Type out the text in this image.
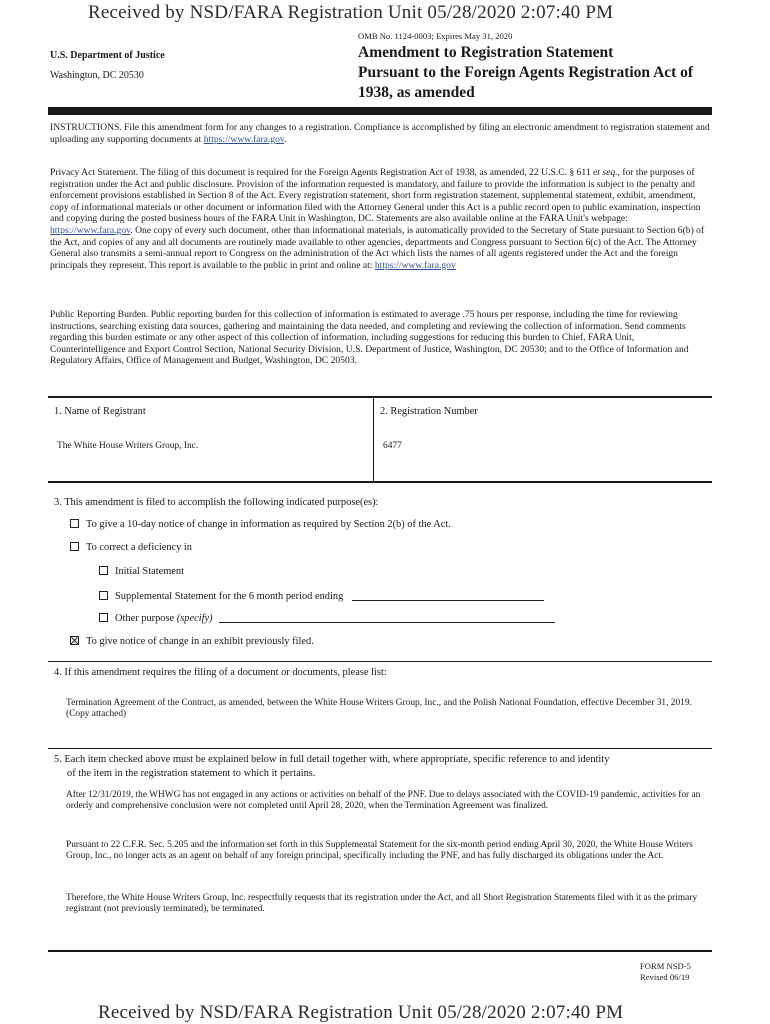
Received by NSD/FARA Registration Unit 05/28/2020 2:07:40 PM
OMB No. 1124-0003; Expires May 31, 2020
U.S. Department of Justice
Washington, DC 20530
Amendment to Registration Statement
Pursuant to the Foreign Agents Registration Act of
1938, as amended
INSTRUCTIONS. File this amendment form for any changes to a registration. Compliance is accomplished by filing an electronic amendment to registration statement and uploading any supporting documents at https://www.fara.gov.
Privacy Act Statement. The filing of this document is required for the Foreign Agents Registration Act of 1938, as amended, 22 U.S.C. § 611 et seq., for the purposes of registration under the Act and public disclosure. Provision of the information requested is mandatory, and failure to provide the information is subject to the penalty and enforcement provisions established in Section 8 of the Act. Every registration statement, short form registration statement, supplemental statement, exhibit, amendment, copy of informational materials or other document or information filed with the Attorney General under this Act is a public record open to public examination, inspection and copying during the posted business hours of the FARA Unit in Washington, DC. Statements are also available online at the FARA Unit's webpage: https://www.fara.gov. One copy of every such document, other than informational materials, is automatically provided to the Secretary of State pursuant to Section 6(b) of the Act, and copies of any and all documents are routinely made available to other agencies, departments and Congress pursuant to Section 6(c) of the Act. The Attorney General also transmits a semi-annual report to Congress on the administration of the Act which lists the names of all agents registered under the Act and the foreign principals they represent. This report is available to the public in print and online at: https://www.fara.gov
Public Reporting Burden. Public reporting burden for this collection of information is estimated to average .75 hours per response, including the time for reviewing instructions, searching existing data sources, gathering and maintaining the data needed, and completing and reviewing the collection of information. Send comments regarding this burden estimate or any other aspect of this collection of information, including suggestions for reducing this burden to Chief, FARA Unit, Counterintelligence and Export Control Section, National Security Division, U.S. Department of Justice, Washington, DC 20530; and to the Office of Information and Regulatory Affairs, Office of Management and Budget, Washington, DC 20503.
1. Name of Registrant
The White House Writers Group, Inc.
2. Registration Number
6477
3. This amendment is filed to accomplish the following indicated purpose(es):
To give a 10-day notice of change in information as required by Section 2(b) of the Act.
To correct a deficiency in
Initial Statement
Supplemental Statement for the 6 month period ending
Other purpose (specify)
To give notice of change in an exhibit previously filed.
4. If this amendment requires the filing of a document or documents, please list:
Termination Agreement of the Contract, as amended, between the White House Writers Group, Inc., and the Polish National Foundation, effective December 31, 2019. (Copy attached)
5. Each item checked above must be explained below in full detail together with, where appropriate, specific reference to and identity
of the item in the registration statement to which it pertains.
After 12/31/2019, the WHWG has not engaged in any actions or activities on behalf of the PNF. Due to delays associated with the COVID-19 pandemic, activities for an orderly and comprehensive conclusion were not completed until April 28, 2020, when the Termination Agreement was finalized.
Pursuant to 22 C.F.R. Sec. 5.205 and the information set forth in this Supplemental Statement for the six-month period ending April 30, 2020, the White House Writers Group, Inc., no longer acts as an agent on behalf of any foreign principal, specifically including the PNF, and has fully discharged its obligations under the Act.
Therefore, the White House Writers Group, Inc. respectfully requests that its registration under the Act, and all Short Registration Statements filed with it as the primary registrant (not previously terminated), be terminated.
FORM NSD-5
Revised 06/19
Received by NSD/FARA Registration Unit 05/28/2020 2:07:40 PM
